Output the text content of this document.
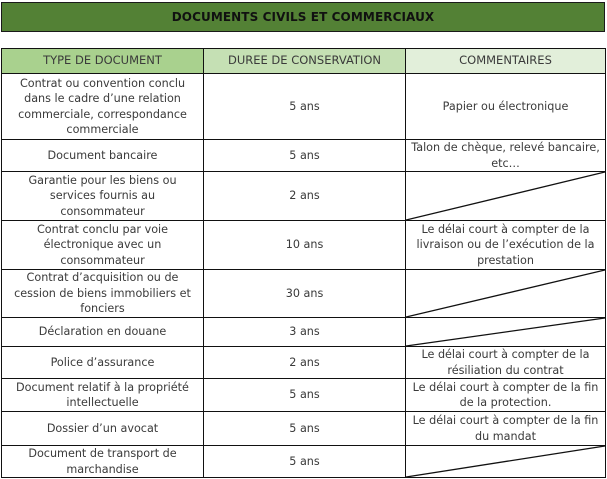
DOCUMENTS CIVILS ET COMMERCIAUX
TYPE DE DOCUMENT	DUREE DE CONSERVATION	COMMENTAIRES
Contrat ou convention conclu dans le cadre d’une relation commerciale, correspondance commerciale	5 ans	Papier ou électronique
Document bancaire	5 ans	Talon de chèque, relevé bancaire, etc…
Garantie pour les biens ou services fournis au consommateur	2 ans	

Contrat conclu par voie électronique avec un consommateur	10 ans	Le délai court à compter de la livraison ou de l’exécution de la prestation
Contrat d’acquisition ou de cession de biens immobiliers et fonciers	30 ans	

Déclaration en douane	3 ans	

Police d’assurance	2 ans	Le délai court à compter de la résiliation du contrat
Document relatif à la propriété intellectuelle	5 ans	Le délai court à compter de la fin de la protection.
Dossier d’un avocat	5 ans	Le délai court à compter de la fin du mandat
Document de transport de marchandise	5 ans	
